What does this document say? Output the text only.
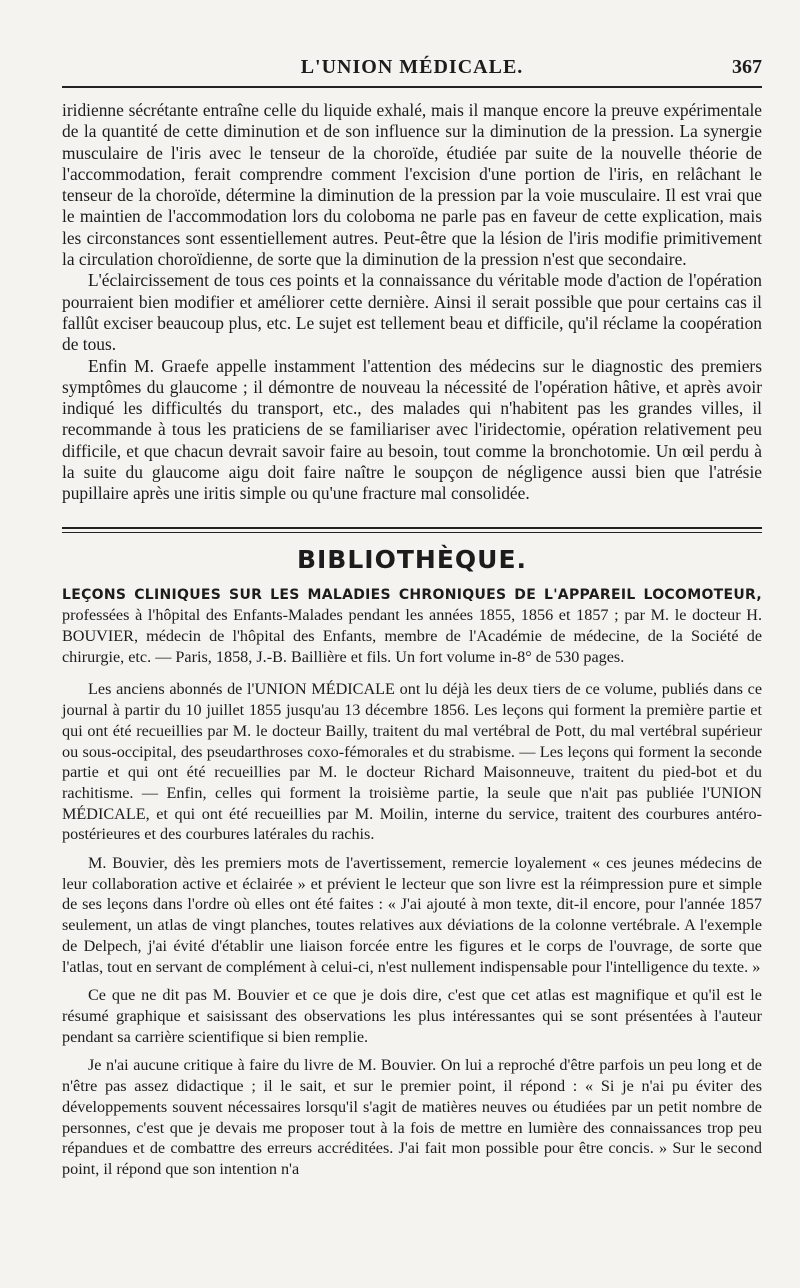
L'UNION MÉDICALE.	367

iridienne sécrétante entraîne celle du liquide exhalé, mais il manque encore la preuve expérimentale de la quantité de cette diminution et de son influence sur la diminution de la pression. La synergie musculaire de l'iris avec le tenseur de la choroïde, étudiée par suite de la nouvelle théorie de l'accommodation, ferait comprendre comment l'excision d'une portion de l'iris, en relâchant le tenseur de la choroïde, détermine la diminution de la pression par la voie musculaire. Il est vrai que le maintien de l'accommodation lors du coloboma ne parle pas en faveur de cette explication, mais les circonstances sont essentiellement autres. Peut-être que la lésion de l'iris modifie primitivement la circulation choroïdienne, de sorte que la diminution de la pression n'est que secondaire.

L'éclaircissement de tous ces points et la connaissance du véritable mode d'action de l'opération pourraient bien modifier et améliorer cette dernière. Ainsi il serait possible que pour certains cas il fallût exciser beaucoup plus, etc. Le sujet est tellement beau et difficile, qu'il réclame la coopération de tous.

Enfin M. Graefe appelle instamment l'attention des médecins sur le diagnostic des premiers symptômes du glaucome ; il démontre de nouveau la nécessité de l'opération hâtive, et après avoir indiqué les difficultés du transport, etc., des malades qui n'habitent pas les grandes villes, il recommande à tous les praticiens de se familiariser avec l'iridectomie, opération relativement peu difficile, et que chacun devrait savoir faire au besoin, tout comme la bronchotomie. Un œil perdu à la suite du glaucome aigu doit faire naître le soupçon de négligence aussi bien que l'atrésie pupillaire après une iritis simple ou qu'une fracture mal consolidée.

BIBLIOTHÈQUE.
LEÇONS CLINIQUES SUR LES MALADIES CHRONIQUES DE L'APPAREIL LOCOMOTEUR, professées à l'hôpital des Enfants-Malades pendant les années 1855, 1856 et 1857 ; par M. le docteur H. BOUVIER, médecin de l'hôpital des Enfants, membre de l'Académie de médecine, de la Société de chirurgie, etc. — Paris, 1858, J.-B. Baillière et fils. Un fort volume in-8° de 530 pages.

Les anciens abonnés de l'UNION MÉDICALE ont lu déjà les deux tiers de ce volume, publiés dans ce journal à partir du 10 juillet 1855 jusqu'au 13 décembre 1856. Les leçons qui forment la première partie et qui ont été recueillies par M. le docteur Bailly, traitent du mal vertébral de Pott, du mal vertébral supérieur ou sous-occipital, des pseudarthroses coxo-fémorales et du strabisme. — Les leçons qui forment la seconde partie et qui ont été recueillies par M. le docteur Richard Maisonneuve, traitent du pied-bot et du rachitisme. — Enfin, celles qui forment la troisième partie, la seule que n'ait pas publiée l'UNION MÉDICALE, et qui ont été recueillies par M. Moilin, interne du service, traitent des courbures antéro-postérieures et des courbures latérales du rachis.

M. Bouvier, dès les premiers mots de l'avertissement, remercie loyalement « ces jeunes médecins de leur collaboration active et éclairée » et prévient le lecteur que son livre est la réimpression pure et simple de ses leçons dans l'ordre où elles ont été faites : « J'ai ajouté à mon texte, dit-il encore, pour l'année 1857 seulement, un atlas de vingt planches, toutes relatives aux déviations de la colonne vertébrale. A l'exemple de Delpech, j'ai évité d'établir une liaison forcée entre les figures et le corps de l'ouvrage, de sorte que l'atlas, tout en servant de complément à celui-ci, n'est nullement indispensable pour l'intelligence du texte. »

Ce que ne dit pas M. Bouvier et ce que je dois dire, c'est que cet atlas est magnifique et qu'il est le résumé graphique et saisissant des observations les plus intéressantes qui se sont présentées à l'auteur pendant sa carrière scientifique si bien remplie.

Je n'ai aucune critique à faire du livre de M. Bouvier. On lui a reproché d'être parfois un peu long et de n'être pas assez didactique ; il le sait, et sur le premier point, il répond : « Si je n'ai pu éviter des développements souvent nécessaires lorsqu'il s'agit de matières neuves ou étudiées par un petit nombre de personnes, c'est que je devais me proposer tout à la fois de mettre en lumière des connaissances trop peu répandues et de combattre des erreurs accréditées. J'ai fait mon possible pour être concis. » Sur le second point, il répond que son intention n'a
